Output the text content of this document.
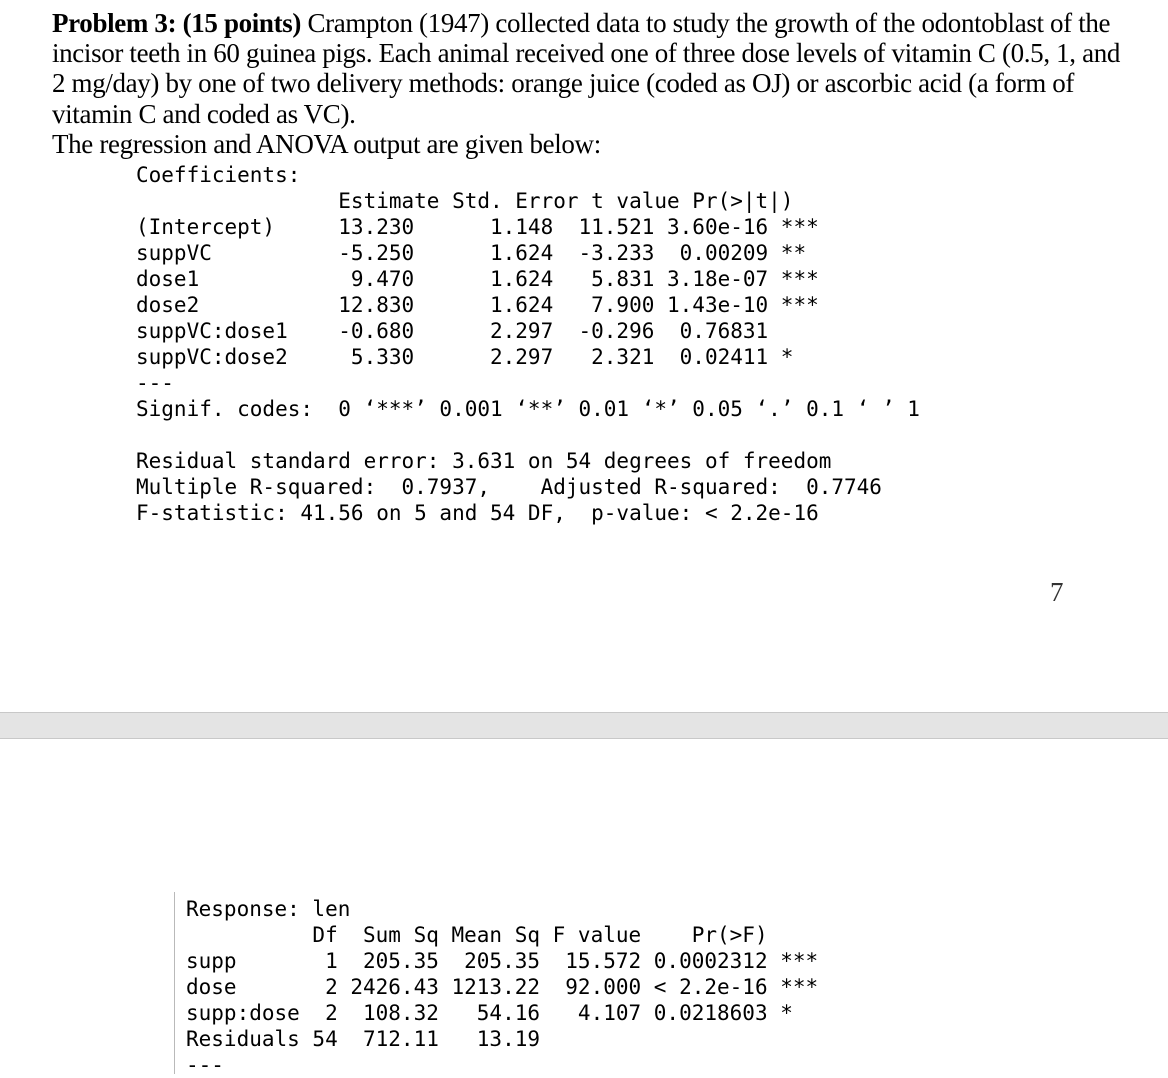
Problem 3: (15 points) Crampton (1947) collected data to study the growth of the odontoblast of the incisor teeth in 60 guinea pigs. Each animal received one of three dose levels of vitamin C (0.5, 1, and 2 mg/day) by one of two delivery methods: orange juice (coded as OJ) or ascorbic acid (a form of vitamin C and coded as VC).

The regression and ANOVA output are given below:

Coefficients:
Estimate Std. Error t value Pr(>|t|)
(Intercept)     13.230      1.148  11.521 3.60e-16 ***
suppVC          -5.250      1.624  -3.233  0.00209 **
dose1            9.470      1.624   5.831 3.18e-07 ***
dose2           12.830      1.624   7.900 1.43e-10 ***
suppVC:dose1    -0.680      2.297  -0.296  0.76831
suppVC:dose2     5.330      2.297   2.321  0.02411 *
---
Signif. codes:  0 ‘***’ 0.001 ‘**’ 0.01 ‘*’ 0.05 ‘.’ 0.1 ‘ ’ 1

Residual standard error: 3.631 on 54 degrees of freedom
Multiple R-squared:  0.7937,    Adjusted R-squared:  0.7746
F-statistic: 41.56 on 5 and 54 DF,  p-value: < 2.2e-16
7
Response: len
Df  Sum Sq Mean Sq F value    Pr(>F)
supp       1  205.35  205.35  15.572 0.0002312 ***
dose       2 2426.43 1213.22  92.000 < 2.2e-16 ***
supp:dose  2  108.32   54.16   4.107 0.0218603 *
Residuals 54  712.11   13.19
---
